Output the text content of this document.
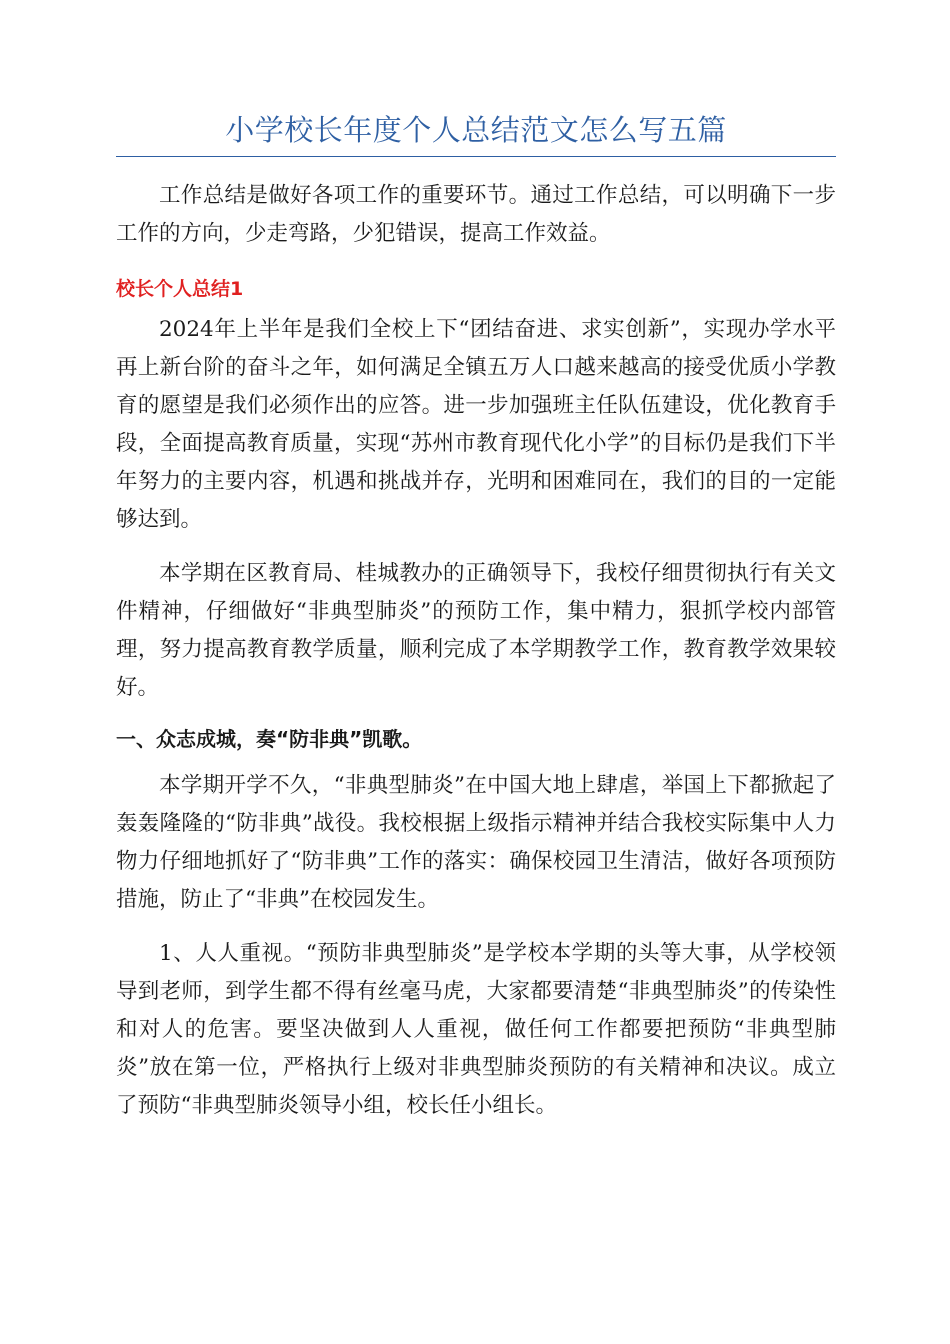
小学校长年度个人总结范文怎么写五篇

工作总结是做好各项工作的重要环节。通过工作总结，可以明确下一步工作的方向，少走弯路，少犯错误，提高工作效益。

校长个人总结1

2024年上半年是我们全校上下“团结奋进、求实创新”，实现办学水平再上新台阶的奋斗之年，如何满足全镇五万人口越来越高的接受优质小学教育的愿望是我们必须作出的应答。进一步加强班主任队伍建设，优化教育手段，全面提高教育质量，实现“苏州市教育现代化小学”的目标仍是我们下半年努力的主要内容，机遇和挑战并存，光明和困难同在，我们的目的一定能够达到。

本学期在区教育局、桂城教办的正确领导下，我校仔细贯彻执行有关文件精神，仔细做好“非典型肺炎”的预防工作，集中精力，狠抓学校内部管理，努力提高教育教学质量，顺利完成了本学期教学工作，教育教学效果较好。

一、众志成城，奏“防非典”凯歌。

本学期开学不久，“非典型肺炎”在中国大地上肆虐，举国上下都掀起了轰轰隆隆的“防非典”战役。我校根据上级指示精神并结合我校实际集中人力物力仔细地抓好了“防非典”工作的落实：确保校园卫生清洁，做好各项预防措施，防止了“非典”在校园发生。

1、人人重视。“预防非典型肺炎”是学校本学期的头等大事，从学校领导到老师，到学生都不得有丝毫马虎，大家都要清楚“非典型肺炎”的传染性和对人的危害。要坚决做到人人重视，做任何工作都要把预防“非典型肺炎”放在第一位，严格执行上级对非典型肺炎预防的有关精神和决议。成立了预防“非典型肺炎领导小组，校长任小组长。
